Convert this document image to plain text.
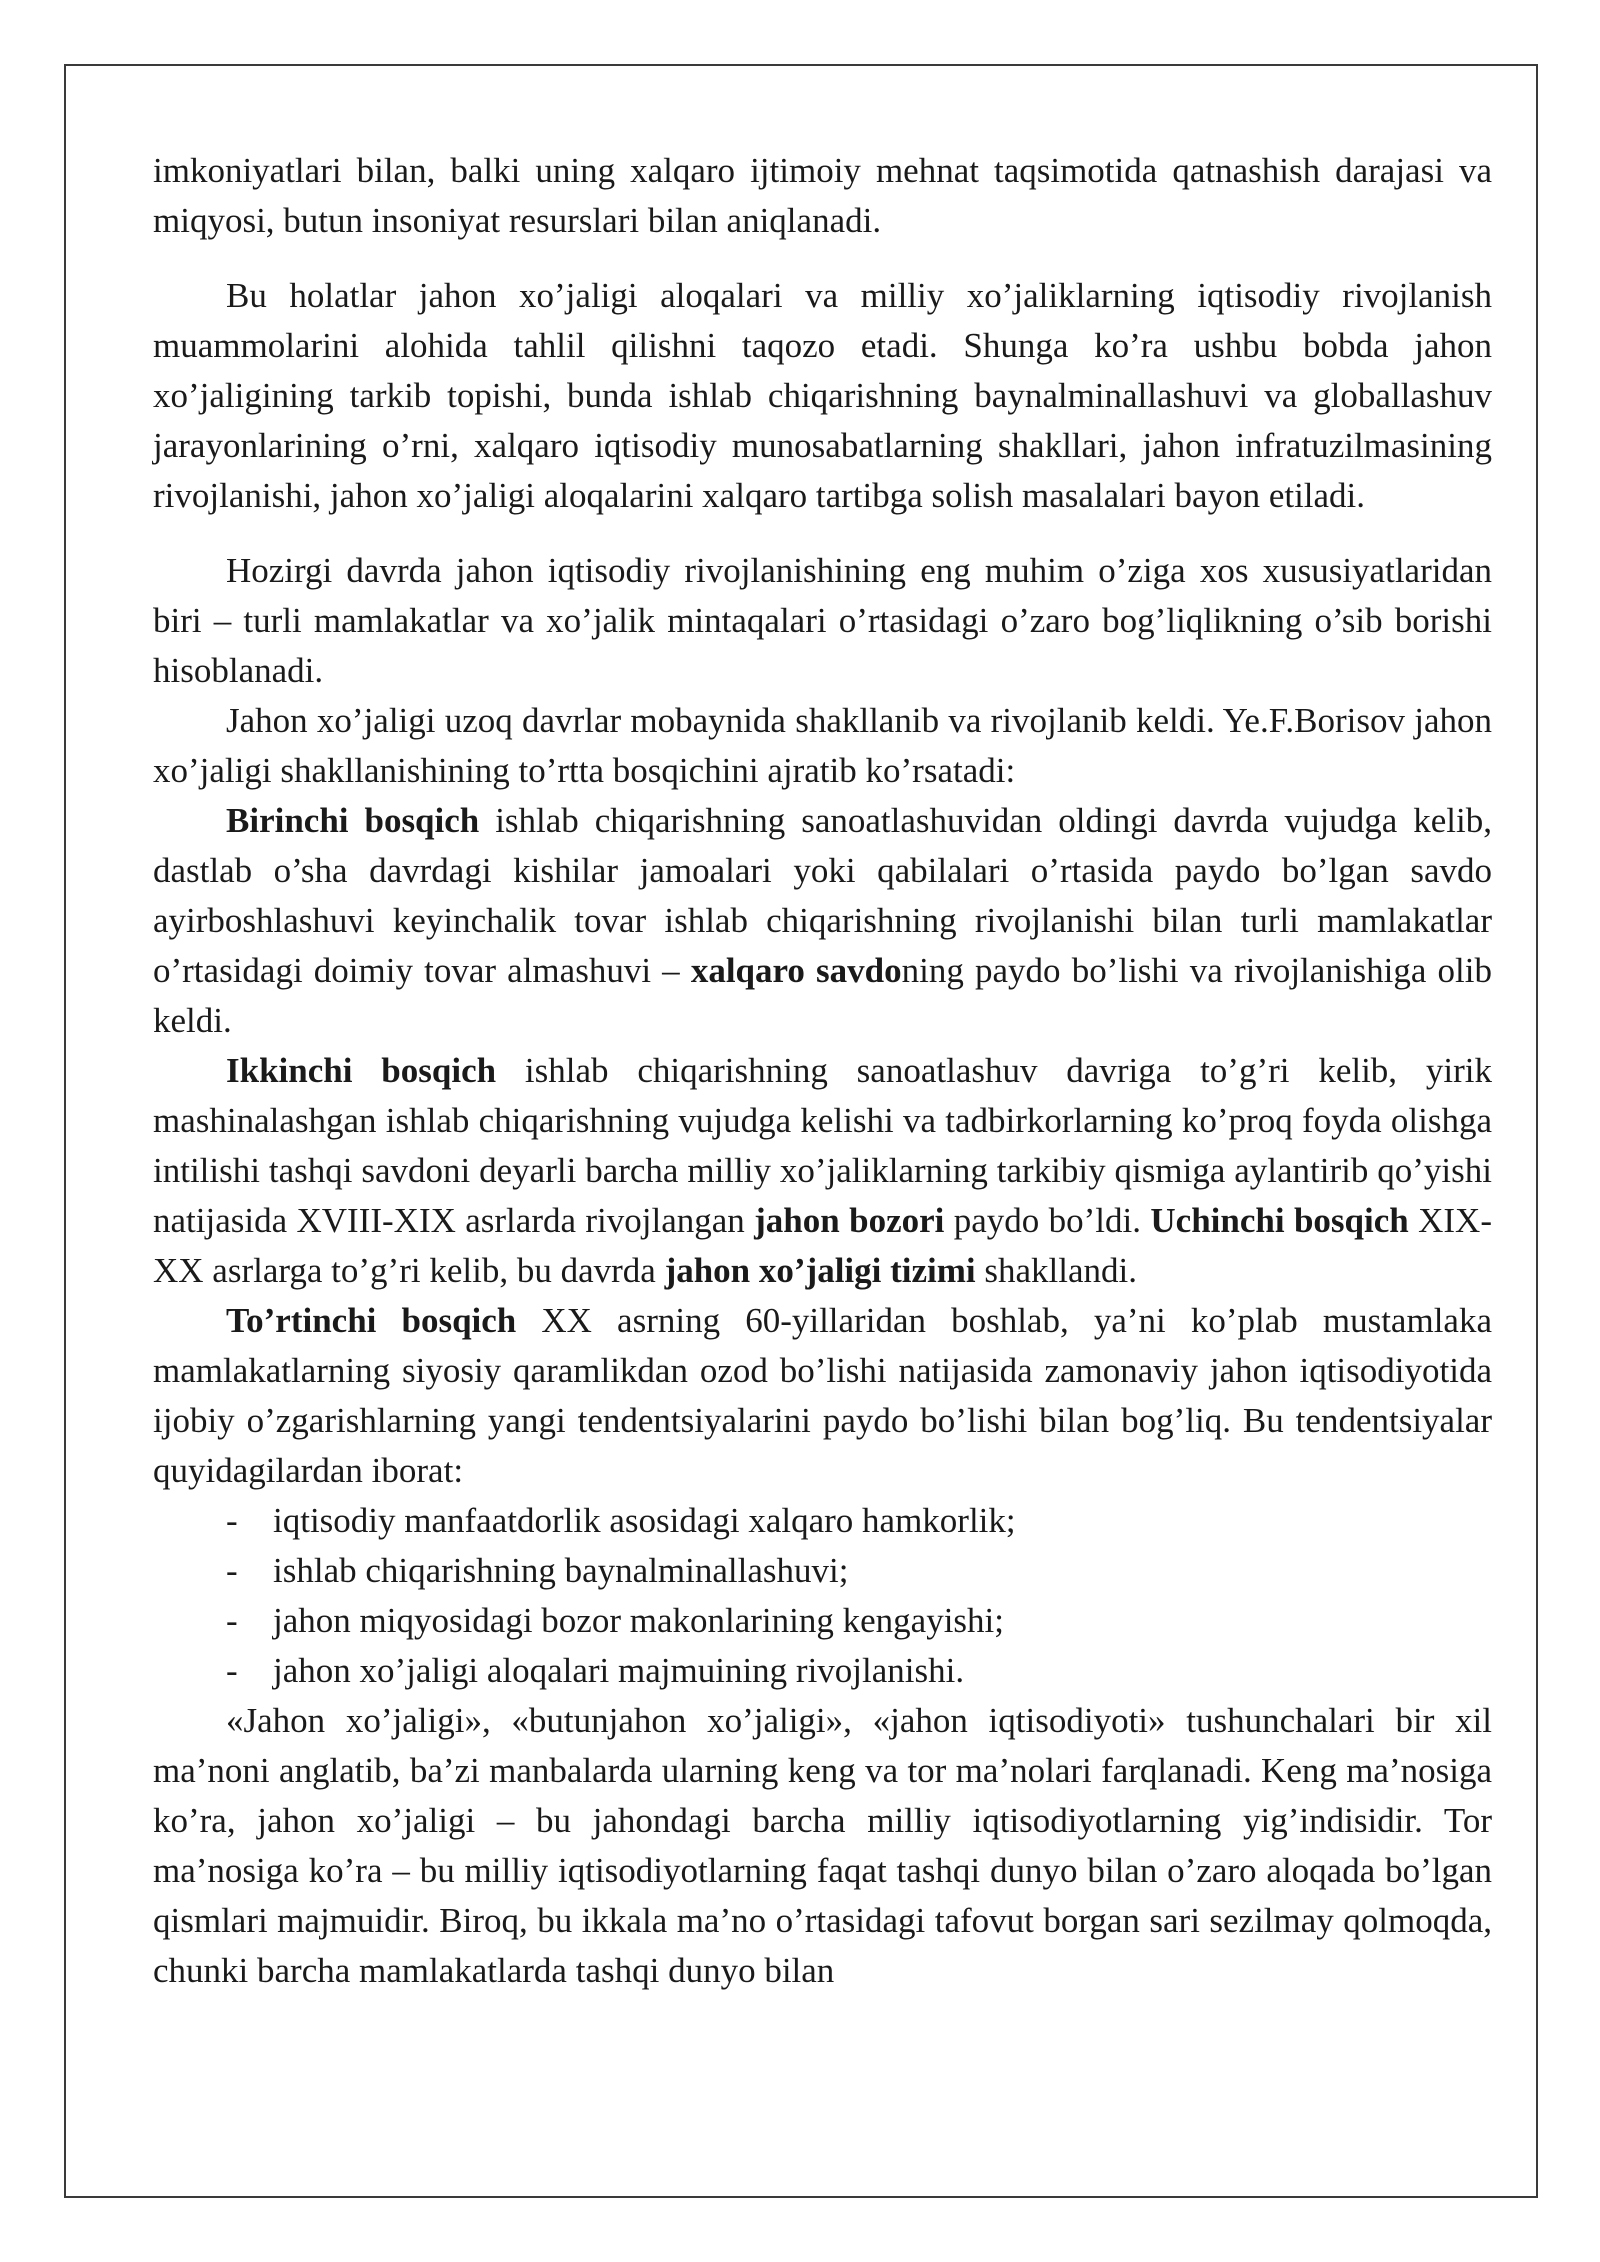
imkoniyatlari bilan, balki uning xalqaro ijtimoiy mehnat taqsimotida qatnashish darajasi va miqyosi, butun insoniyat resurslari bilan aniqlanadi.

Bu holatlar jahon xo’jaligi aloqalari va milliy xo’jaliklarning iqtisodiy rivojlanish muammolarini alohida tahlil qilishni taqozo etadi. Shunga ko’ra ushbu bobda jahon xo’jaligining tarkib topishi, bunda ishlab chiqarishning baynalminallashuvi va globallashuv jarayonlarining o’rni, xalqaro iqtisodiy munosabatlarning shakllari, jahon infratuzilmasining rivojlanishi, jahon xo’jaligi aloqalarini xalqaro tartibga solish masalalari bayon etiladi.

Hozirgi davrda jahon iqtisodiy rivojlanishining eng muhim o’ziga xos xususiyatlaridan biri – turli mamlakatlar va xo’jalik mintaqalari o’rtasidagi o’zaro bog’liqlikning o’sib borishi hisoblanadi.

Jahon xo’jaligi uzoq davrlar mobaynida shakllanib va rivojlanib keldi. Ye.F.Borisov jahon xo’jaligi shakllanishining to’rtta bosqichini ajratib ko’rsatadi:

Birinchi bosqich ishlab chiqarishning sanoatlashuvidan oldingi davrda vujudga kelib, dastlab o’sha davrdagi kishilar jamoalari yoki qabilalari o’rtasida paydo bo’lgan savdo ayirboshlashuvi keyinchalik tovar ishlab chiqarishning rivojlanishi bilan turli mamlakatlar o’rtasidagi doimiy tovar almashuvi – xalqaro savdoning paydo bo’lishi va rivojlanishiga olib keldi.

Ikkinchi bosqich ishlab chiqarishning sanoatlashuv davriga to’g’ri kelib, yirik mashinalashgan ishlab chiqarishning vujudga kelishi va tadbirkorlarning ko’proq foyda olishga intilishi tashqi savdoni deyarli barcha milliy xo’jaliklarning tarkibiy qismiga aylantirib qo’yishi natijasida XVIII-XIX asrlarda rivojlangan jahon bozori paydo bo’ldi. Uchinchi bosqich XIX-XX asrlarga to’g’ri kelib, bu davrda jahon xo’jaligi tizimi shakllandi.

To’rtinchi bosqich XX asrning 60-yillaridan boshlab, ya’ni ko’plab mustamlaka mamlakatlarning siyosiy qaramlikdan ozod bo’lishi natijasida zamonaviy jahon iqtisodiyotida ijobiy o’zgarishlarning yangi tendentsiyalarini paydo bo’lishi bilan bog’liq. Bu tendentsiyalar quyidagilardan iborat:

- iqtisodiy manfaatdorlik asosidagi xalqaro hamkorlik;
- ishlab chiqarishning baynalminallashuvi;
- jahon miqyosidagi bozor makonlarining kengayishi;
- jahon xo’jaligi aloqalari majmuining rivojlanishi.

«Jahon xo’jaligi», «butunjahon xo’jaligi», «jahon iqtisodiyoti» tushunchalari bir xil ma’noni anglatib, ba’zi manbalarda ularning keng va tor ma’nolari farqlanadi. Keng ma’nosiga ko’ra, jahon xo’jaligi – bu jahondagi barcha milliy iqtisodiyotlarning yig’indisidir. Tor ma’nosiga ko’ra – bu milliy iqtisodiyotlarning faqat tashqi dunyo bilan o’zaro aloqada bo’lgan qismlari majmuidir. Biroq, bu ikkala ma’no o’rtasidagi tafovut borgan sari sezilmay qolmoqda, chunki barcha mamlakatlarda tashqi dunyo bilan
